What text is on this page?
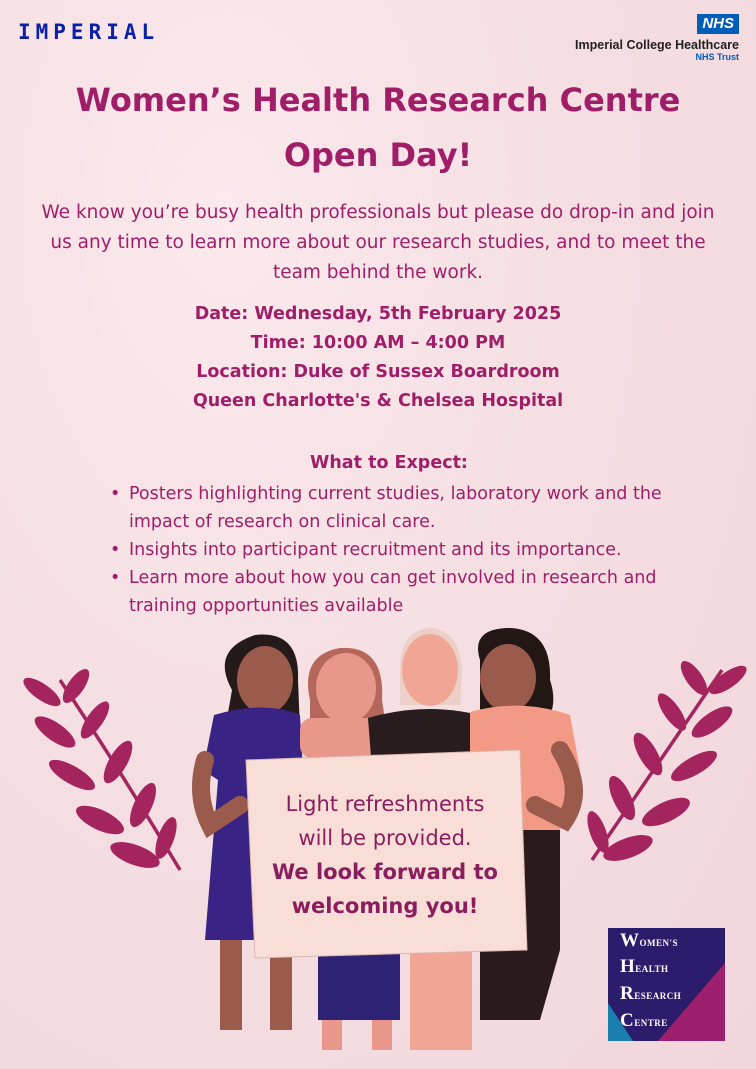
IMPERIAL	NHS
Imperial College Healthcare
NHS Trust
Women’s Health Research Centre
Open Day!
We know you’re busy health professionals but please do drop-in and join us any time to learn more about our research studies, and to meet the team behind the work.
Date: Wednesday, 5th February 2025
Time: 10:00 AM – 4:00 PM
Location: Duke of Sussex Boardroom
Queen Charlotte's & Chelsea Hospital
What to Expect:
• Posters highlighting current studies, laboratory work and the impact of research on clinical care.
• Insights into participant recruitment and its importance.
• Learn more about how you can get involved in research and training opportunities available
Light refreshments
will be provided.
We look forward to
welcoming you!
WOMEN'S
HEALTH
RESEARCH
CENTRE
